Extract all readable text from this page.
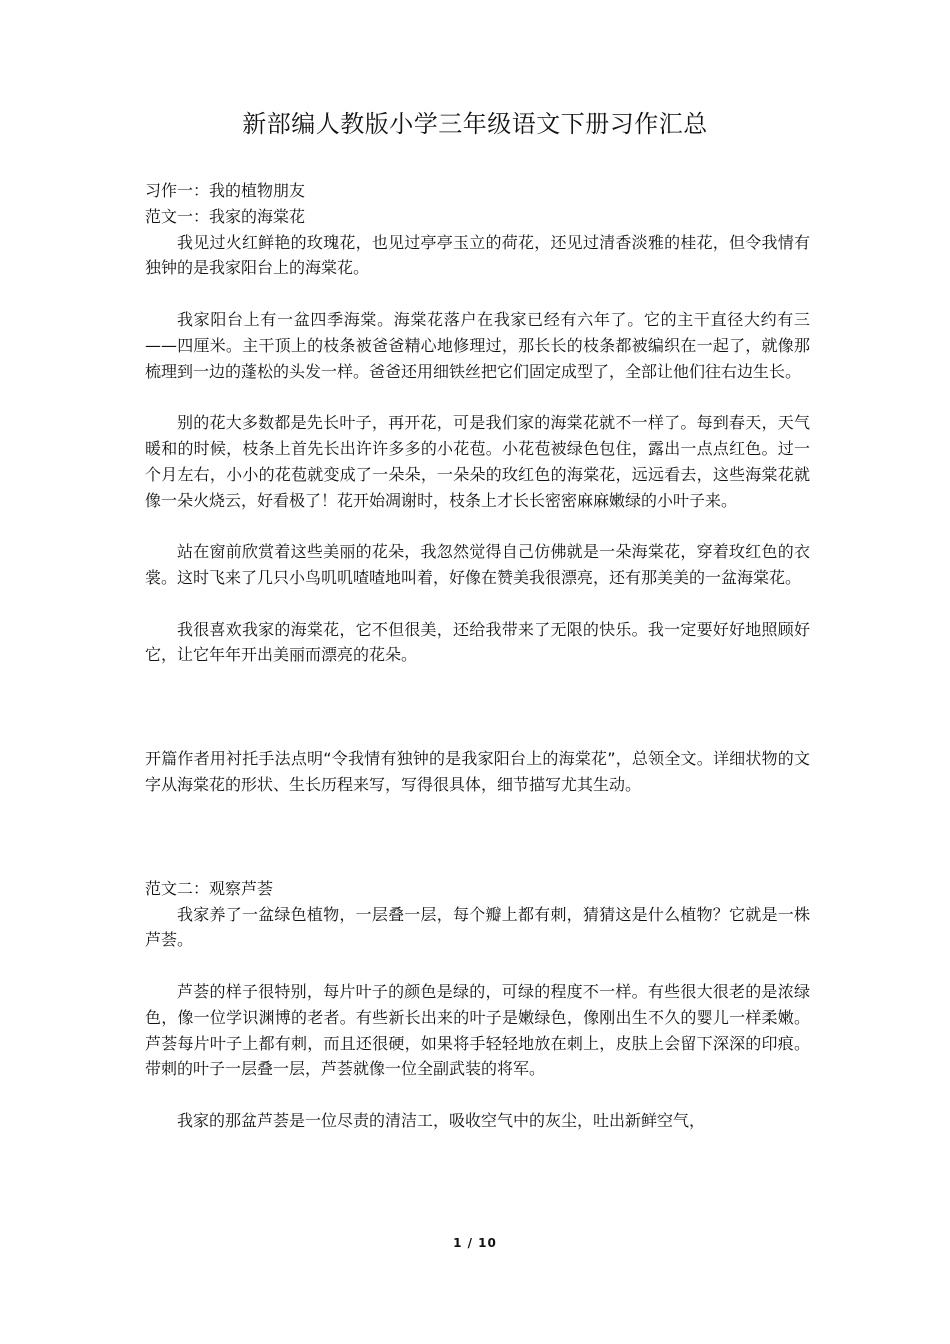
新部编人教版小学三年级语文下册习作汇总

习作一：我的植物朋友

范文一：我家的海棠花

我见过火红鲜艳的玫瑰花，也见过亭亭玉立的荷花，还见过清香淡雅的桂花，但令我情有独钟的是我家阳台上的海棠花。

我家阳台上有一盆四季海棠。海棠花落户在我家已经有六年了。它的主干直径大约有三——四厘米。主干顶上的枝条被爸爸精心地修理过，那长长的枝条都被编织在一起了，就像那梳理到一边的蓬松的头发一样。爸爸还用细铁丝把它们固定成型了，全部让他们往右边生长。

别的花大多数都是先长叶子，再开花，可是我们家的海棠花就不一样了。每到春天，天气暖和的时候，枝条上首先长出许许多多的小花苞。小花苞被绿色包住，露出一点点红色。过一个月左右，小小的花苞就变成了一朵朵，一朵朵的玫红色的海棠花，远远看去，这些海棠花就像一朵火烧云，好看极了！花开始凋谢时，枝条上才长长密密麻麻嫩绿的小叶子来。

站在窗前欣赏着这些美丽的花朵，我忽然觉得自己仿佛就是一朵海棠花，穿着玫红色的衣裳。这时飞来了几只小鸟叽叽喳喳地叫着，好像在赞美我很漂亮，还有那美美的一盆海棠花。

我很喜欢我家的海棠花，它不但很美，还给我带来了无限的快乐。我一定要好好地照顾好它，让它年年开出美丽而漂亮的花朵。

开篇作者用衬托手法点明“令我情有独钟的是我家阳台上的海棠花”，总领全文。详细状物的文字从海棠花的形状、生长历程来写，写得很具体，细节描写尤其生动。

范文二：观察芦荟

我家养了一盆绿色植物，一层叠一层，每个瓣上都有刺，猜猜这是什么植物？它就是一株芦荟。

芦荟的样子很特别，每片叶子的颜色是绿的，可绿的程度不一样。有些很大很老的是浓绿色，像一位学识渊博的老者。有些新长出来的叶子是嫩绿色，像刚出生不久的婴儿一样柔嫩。芦荟每片叶子上都有刺，而且还很硬，如果将手轻轻地放在刺上，皮肤上会留下深深的印痕。带刺的叶子一层叠一层，芦荟就像一位全副武装的将军。

我家的那盆芦荟是一位尽责的清洁工，吸收空气中的灰尘，吐出新鲜空气，

1 / 10
